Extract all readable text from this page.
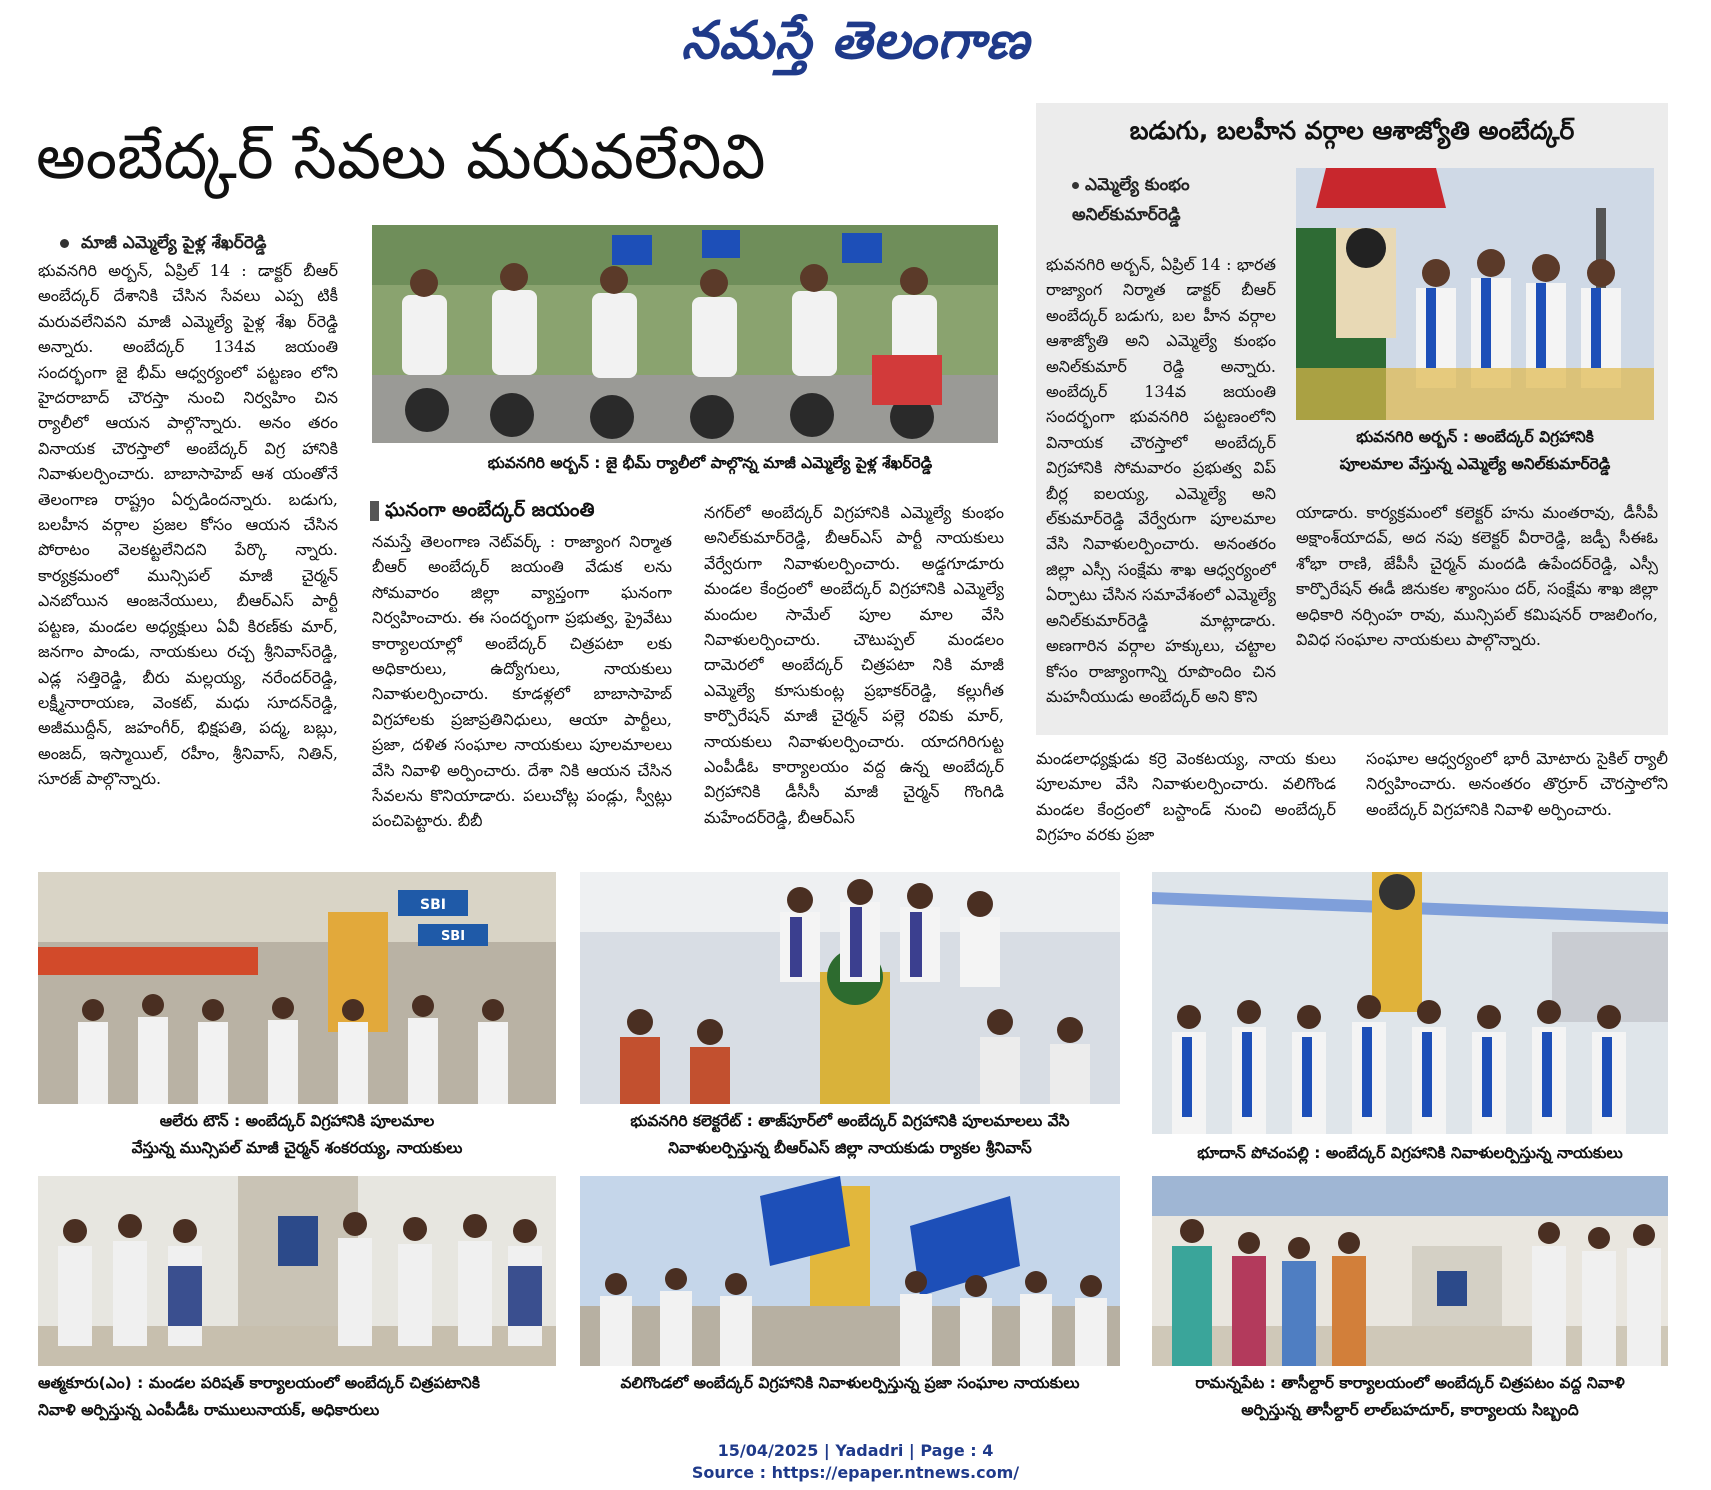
నమస్తే తెలంగాణ
అంబేద్కర్ సేవలు మరువలేనివి
మాజీ ఎమ్మెల్యే పైళ్ల శేఖర్‌రెడ్డి
భువనగిరి అర్బన్, ఏప్రిల్ 14 : డాక్టర్ బీఆర్ అంబేద్కర్ దేశానికి చేసిన సేవలు ఎప్ప టికీ మరువలేనివని మాజీ ఎమ్మెల్యే పైళ్ల శేఖ ర్‌రెడ్డి అన్నారు. అంబేద్కర్ 134వ జయంతి సందర్భంగా జై భీమ్ ఆధ్వర్యంలో పట్టణం లోని హైదరాబాద్ చౌరస్తా నుంచి నిర్వహిం చిన ర్యాలీలో ఆయన పాల్గొన్నారు. అనం తరం వినాయక చౌరస్తాలో అంబేద్కర్ విగ్ర హానికి నివాళులర్పించారు. బాబాసాహెబ్ ఆశ యంతోనే తెలంగాణ రాష్ట్రం ఏర్పడిందన్నారు. బడుగు, బలహీన వర్గాల ప్రజల కోసం ఆయన చేసిన పోరాటం వెలకట్టలేనిదని పేర్కొ న్నారు. కార్యక్రమంలో మున్సిపల్ మాజీ చైర్మన్ ఎనబోయిన ఆంజనేయులు, బీఆర్‌ఎస్ పార్టీ పట్టణ, మండల అధ్యక్షులు ఏవీ కిరణ్‌కు మార్, జనగాం పాండు, నాయకులు రచ్చ శ్రీనివాస్‌రెడ్డి, ఎడ్ల సత్తిరెడ్డి, బీరు మల్లయ్య, నరేందర్‌రెడ్డి, లక్ష్మీనారాయణ, వెంకట్, మధు సూదన్‌రెడ్డి, అజీముద్దీన్, జహంగీర్, భిక్షపతి, పద్మ, బబ్లు, అంజద్, ఇస్మాయిల్, రహీం, శ్రీనివాస్, నితిన్, సూరజ్ పాల్గొన్నారు.
భువనగిరి అర్బన్ : జై భీమ్ ర్యాలీలో పాల్గొన్న మాజీ ఎమ్మెల్యే పైళ్ల శేఖర్‌రెడ్డి
ఘనంగా అంబేద్కర్ జయంతి
నమస్తే తెలంగాణ నెట్‌వర్క్ : రాజ్యాంగ నిర్మాత బీఆర్ అంబేద్కర్ జయంతి వేడుక లను సోమవారం జిల్లా వ్యాప్తంగా ఘనంగా నిర్వహించారు. ఈ సందర్భంగా ప్రభుత్వ, ప్రైవేటు కార్యాలయాల్లో అంబేద్కర్ చిత్రపటా లకు అధికారులు, ఉద్యోగులు, నాయకులు నివాళులర్పించారు. కూడళ్లలో బాబాసాహెబ్ విగ్రహాలకు ప్రజాప్రతినిధులు, ఆయా పార్టీలు, ప్రజా, దళిత సంఘాల నాయకులు పూలమాలలు వేసి నివాళి అర్పించారు. దేశా నికి ఆయన చేసిన సేవలను కొనియాడారు. పలుచోట్ల పండ్లు, స్వీట్లు పంచిపెట్టారు. బీబీ
నగర్‌లో అంబేద్కర్ విగ్రహానికి ఎమ్మెల్యే కుంభం అనిల్‌కుమార్‌రెడ్డి, బీఆర్‌ఎస్ పార్టీ నాయకులు వేర్వేరుగా నివాళులర్పించారు. అడ్డగూడూరు మండల కేంద్రంలో అంబేద్కర్ విగ్రహానికి ఎమ్మెల్యే మందుల సామేల్ పూల మాల వేసి నివాళులర్పించారు. చౌటుప్పల్ మండలం దామెరలో అంబేద్కర్ చిత్రపటా నికి మాజీ ఎమ్మెల్యే కూసుకుంట్ల ప్రభాకర్‌రెడ్డి, కల్లుగీత కార్పొరేషన్ మాజీ చైర్మన్ పల్లె రవికు మార్, నాయకులు నివాళులర్పించారు. యాదగిరిగుట్ట ఎంపీడీఓ కార్యాలయం వద్ద ఉన్న అంబేద్కర్ విగ్రహానికి డీసీసీ మాజీ చైర్మన్ గొంగిడి మహేందర్‌రెడ్డి, బీఆర్‌ఎస్
మండలాధ్యక్షుడు కర్రె వెంకటయ్య, నాయ కులు పూలమాల వేసి నివాళులర్పించారు. వలిగొండ మండల కేంద్రంలో బస్టాండ్ నుంచి అంబేద్కర్ విగ్రహం వరకు ప్రజా
సంఘాల ఆధ్వర్యంలో భారీ మోటారు సైకిల్ ర్యాలీ నిర్వహించారు. అనంతరం తొర్రూర్ చౌరస్తాలోని అంబేద్కర్ విగ్రహానికి నివాళి అర్పించారు.
బడుగు, బలహీన వర్గాల ఆశాజ్యోతి అంబేద్కర్
ఎమ్మెల్యే కుంభం
అనిల్‌కుమార్‌రెడ్డి
భువనగిరి అర్బన్, ఏప్రిల్ 14 : భారత రాజ్యాంగ నిర్మాత డాక్టర్ బీఆర్ అంబేద్కర్ బడుగు, బల హీన వర్గాల ఆశాజ్యోతి అని ఎమ్మెల్యే కుంభం అనిల్‌కుమార్ రెడ్డి అన్నారు. అంబేద్కర్ 134వ జయంతి సందర్భంగా భువనగిరి పట్టణంలోని వినాయక చౌరస్తాలో అంబేద్కర్ విగ్రహానికి సోమవారం ప్రభుత్వ విప్ బీర్ల ఐలయ్య, ఎమ్మెల్యే అని ల్‌కుమార్‌రెడ్డి వేర్వేరుగా పూలమాల వేసి నివాళులర్పించారు. అనంతరం జిల్లా ఎస్సీ సంక్షేమ శాఖ ఆధ్వర్యంలో ఏర్పాటు చేసిన సమావేశంలో ఎమ్మెల్యే అనిల్‌కుమార్‌రెడ్డి మాట్లాడారు. అణగారిన వర్గాల హక్కులు, చట్టాల కోసం రాజ్యాంగాన్ని రూపొందిం చిన మహనీయుడు అంబేద్కర్ అని కొని
భువనగిరి అర్బన్ : అంబేద్కర్ విగ్రహానికి
పూలమాల వేస్తున్న ఎమ్మెల్యే అనిల్‌కుమార్‌రెడ్డి
యాడారు. కార్యక్రమంలో కలెక్టర్ హను మంతరావు, డీసీపీ అక్షాంశ్‌యాదవ్, అద నపు కలెక్టర్ వీరారెడ్డి, జడ్పీ సీఈఓ శోభా రాణి, జేపీసీ చైర్మన్ మందడి ఉపేందర్‌రెడ్డి, ఎస్సీ కార్పొరేషన్ ఈడీ జినుకల శ్యాంసుం దర్, సంక్షేమ శాఖ జిల్లా అధికారి నర్సింహ రావు, మున్సిపల్ కమిషనర్ రాజలింగం, వివిధ సంఘాల నాయకులు పాల్గొన్నారు.
SBI
SBI
ఆలేరు టౌన్ : అంబేద్కర్ విగ్రహానికి పూలమాల
వేస్తున్న మున్సిపల్ మాజీ చైర్మన్ శంకరయ్య, నాయకులు
భువనగిరి కలెక్టరేట్ : తాజ్‌పూర్‌లో అంబేద్కర్ విగ్రహానికి పూలమాలలు వేసి
నివాళులర్పిస్తున్న బీఆర్‌ఎస్ జిల్లా నాయకుడు ర్యాకల శ్రీనివాస్	భూదాన్ పోచంపల్లి : అంబేద్కర్ విగ్రహానికి నివాళులర్పిస్తున్న నాయకులు
ఆత్మకూరు(ఎం) : మండల పరిషత్ కార్యాలయంలో అంబేద్కర్ చిత్రపటానికి
నివాళి అర్పిస్తున్న ఎంపీడీఓ రాములునాయక్, అధికారులు
వలిగొండలో అంబేద్కర్ విగ్రహానికి నివాళులర్పిస్తున్న ప్రజా సంఘాల నాయకులు	రామన్నపేట : తాసీల్దార్ కార్యాలయంలో అంబేద్కర్ చిత్రపటం వద్ద నివాళి
అర్పిస్తున్న తాసీల్దార్ లాల్‌బహదూర్, కార్యాలయ సిబ్బంది
15/04/2025 | Yadadri | Page : 4
Source : https://epaper.ntnews.com/
